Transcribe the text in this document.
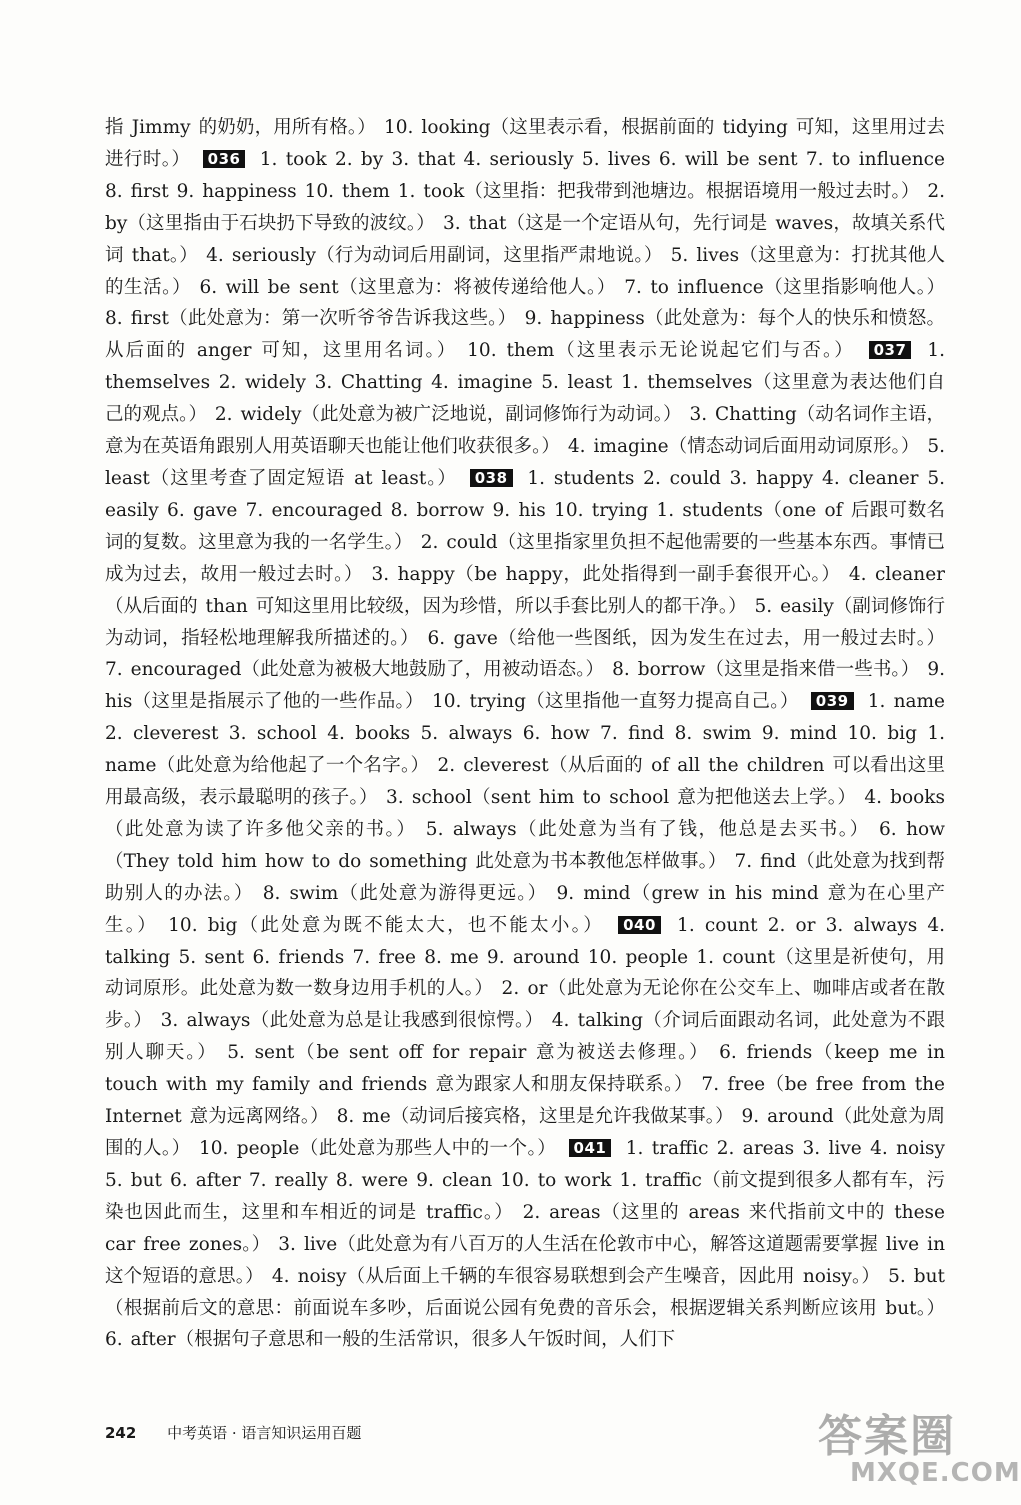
指 Jimmy 的奶奶，用所有格。） 10. looking（这里表示看，根据前面的 tidying 可知，这里用过去进行时。） 036 1. took 2. by 3. that 4. seriously 5. lives 6. will be sent 7. to influence 8. first 9. happiness 10. them 1. took（这里指：把我带到池塘边。根据语境用一般过去时。） 2. by（这里指由于石块扔下导致的波纹。） 3. that（这是一个定语从句，先行词是 waves，故填关系代词 that。） 4. seriously（行为动词后用副词，这里指严肃地说。） 5. lives（这里意为：打扰其他人的生活。） 6. will be sent（这里意为：将被传递给他人。） 7. to influence（这里指影响他人。） 8. first（此处意为：第一次听爷爷告诉我这些。） 9. happiness（此处意为：每个人的快乐和愤怒。从后面的 anger 可知，这里用名词。） 10. them（这里表示无论说起它们与否。） 037 1. themselves 2. widely 3. Chatting 4. imagine 5. least 1. themselves（这里意为表达他们自己的观点。） 2. widely（此处意为被广泛地说，副词修饰行为动词。） 3. Chatting（动名词作主语，意为在英语角跟别人用英语聊天也能让他们收获很多。） 4. imagine（情态动词后面用动词原形。） 5. least（这里考查了固定短语 at least。） 038 1. students 2. could 3. happy 4. cleaner 5. easily 6. gave 7. encouraged 8. borrow 9. his 10. trying 1. students（one of 后跟可数名词的复数。这里意为我的一名学生。） 2. could（这里指家里负担不起他需要的一些基本东西。事情已成为过去，故用一般过去时。） 3. happy（be happy，此处指得到一副手套很开心。） 4. cleaner（从后面的 than 可知这里用比较级，因为珍惜，所以手套比别人的都干净。） 5. easily（副词修饰行为动词，指轻松地理解我所描述的。） 6. gave（给他一些图纸，因为发生在过去，用一般过去时。） 7. encouraged（此处意为被极大地鼓励了，用被动语态。） 8. borrow（这里是指来借一些书。） 9. his（这里是指展示了他的一些作品。） 10. trying（这里指他一直努力提高自己。） 039 1. name 2. cleverest 3. school 4. books 5. always 6. how 7. find 8. swim 9. mind 10. big 1. name（此处意为给他起了一个名字。） 2. cleverest（从后面的 of all the children 可以看出这里用最高级，表示最聪明的孩子。） 3. school（sent him to school 意为把他送去上学。） 4. books（此处意为读了许多他父亲的书。） 5. always（此处意为当有了钱，他总是去买书。） 6. how（They told him how to do something 此处意为书本教他怎样做事。） 7. find（此处意为找到帮助别人的办法。） 8. swim（此处意为游得更远。） 9. mind（grew in his mind 意为在心里产生。） 10. big（此处意为既不能太大，也不能太小。） 040 1. count 2. or 3. always 4. talking 5. sent 6. friends 7. free 8. me 9. around 10. people 1. count（这里是祈使句，用动词原形。此处意为数一数身边用手机的人。） 2. or（此处意为无论你在公交车上、咖啡店或者在散步。） 3. always（此处意为总是让我感到很惊愕。） 4. talking（介词后面跟动名词，此处意为不跟别人聊天。） 5. sent（be sent off for repair 意为被送去修理。） 6. friends（keep me in touch with my family and friends 意为跟家人和朋友保持联系。） 7. free（be free from the Internet 意为远离网络。） 8. me（动词后接宾格，这里是允许我做某事。） 9. around（此处意为周围的人。） 10. people（此处意为那些人中的一个。） 041 1. traffic 2. areas 3. live 4. noisy 5. but 6. after 7. really 8. were 9. clean 10. to work 1. traffic（前文提到很多人都有车，污染也因此而生，这里和车相近的词是 traffic。） 2. areas（这里的 areas 来代指前文中的 these car free zones。） 3. live（此处意为有八百万的人生活在伦敦市中心，解答这道题需要掌握 live in 这个短语的意思。） 4. noisy（从后面上千辆的车很容易联想到会产生噪音，因此用 noisy。） 5. but（根据前后文的意思：前面说车多吵，后面说公园有免费的音乐会，根据逻辑关系判断应该用 but。） 6. after（根据句子意思和一般的生活常识，很多人午饭时间，人们下
242 中考英语 · 语言知识运用百题	答案圈
MXQE.COM
